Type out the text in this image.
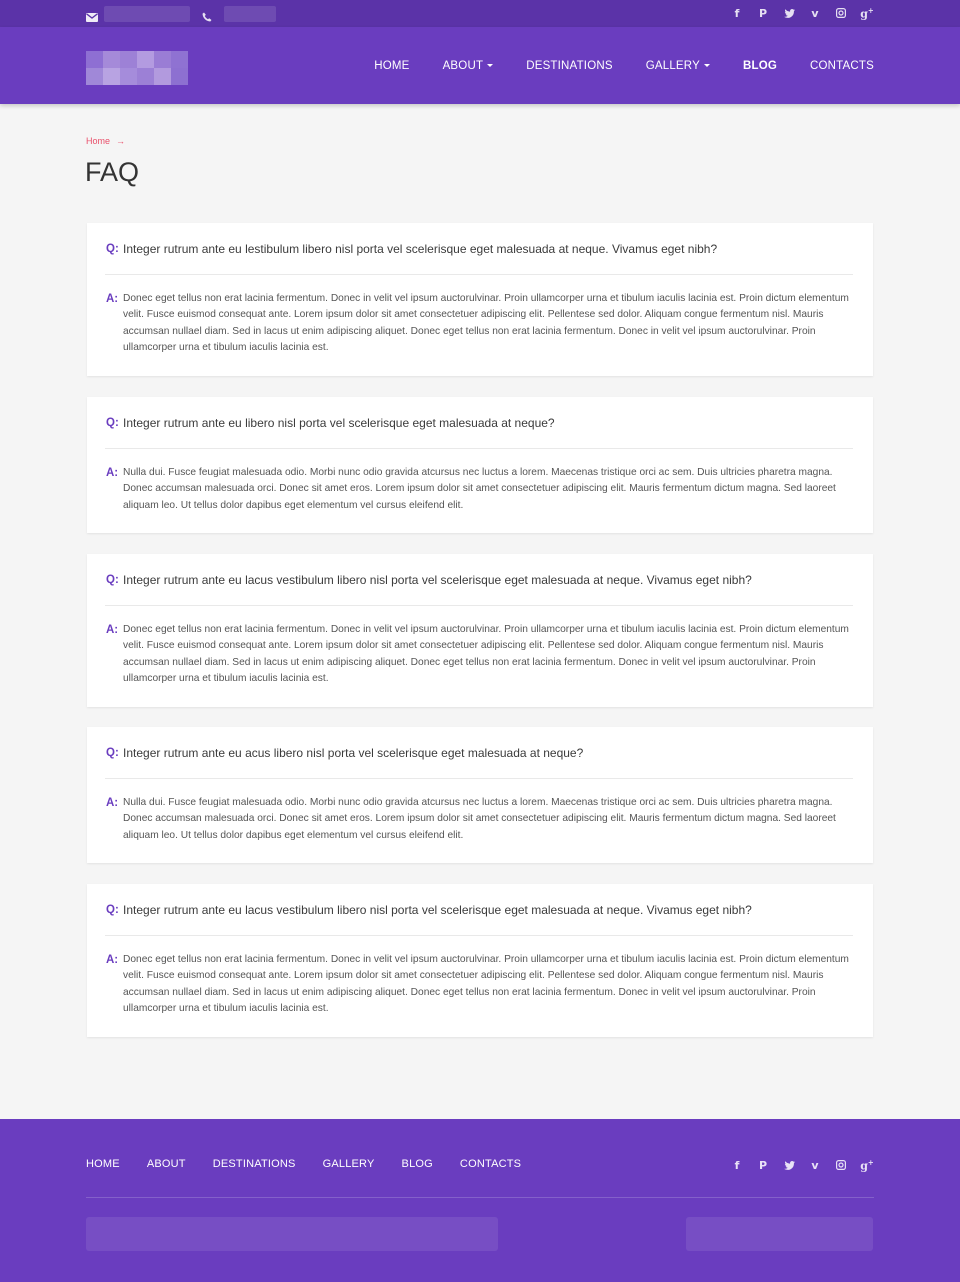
f	P	v	g+
HOME	ABOUT	DESTINATIONS	GALLERY	BLOG	CONTACTS
Home →
FAQ
Q: Integer rutrum ante eu lestibulum libero nisl porta vel scelerisque eget malesuada at neque. Vivamus eget nibh?
A: Donec eget tellus non erat lacinia fermentum. Donec in velit vel ipsum auctorulvinar. Proin ullamcorper urna et tibulum iaculis lacinia est. Proin dictum elementum velit. Fusce euismod consequat ante. Lorem ipsum dolor sit amet consectetuer adipiscing elit. Pellentese sed dolor. Aliquam congue fermentum nisl. Mauris accumsan nullael diam. Sed in lacus ut enim adipiscing aliquet. Donec eget tellus non erat lacinia fermentum. Donec in velit vel ipsum auctorulvinar. Proin ullamcorper urna et tibulum iaculis lacinia est.
Q: Integer rutrum ante eu libero nisl porta vel scelerisque eget malesuada at neque?
A: Nulla dui. Fusce feugiat malesuada odio. Morbi nunc odio gravida atcursus nec luctus a lorem. Maecenas tristique orci ac sem. Duis ultricies pharetra magna. Donec accumsan malesuada orci. Donec sit amet eros. Lorem ipsum dolor sit amet consectetuer adipiscing elit. Mauris fermentum dictum magna. Sed laoreet aliquam leo. Ut tellus dolor dapibus eget elementum vel cursus eleifend elit.
Q: Integer rutrum ante eu lacus vestibulum libero nisl porta vel scelerisque eget malesuada at neque. Vivamus eget nibh?
A: Donec eget tellus non erat lacinia fermentum. Donec in velit vel ipsum auctorulvinar. Proin ullamcorper urna et tibulum iaculis lacinia est. Proin dictum elementum velit. Fusce euismod consequat ante. Lorem ipsum dolor sit amet consectetuer adipiscing elit. Pellentese sed dolor. Aliquam congue fermentum nisl. Mauris accumsan nullael diam. Sed in lacus ut enim adipiscing aliquet. Donec eget tellus non erat lacinia fermentum. Donec in velit vel ipsum auctorulvinar. Proin ullamcorper urna et tibulum iaculis lacinia est.
Q: Integer rutrum ante eu acus libero nisl porta vel scelerisque eget malesuada at neque?
A: Nulla dui. Fusce feugiat malesuada odio. Morbi nunc odio gravida atcursus nec luctus a lorem. Maecenas tristique orci ac sem. Duis ultricies pharetra magna. Donec accumsan malesuada orci. Donec sit amet eros. Lorem ipsum dolor sit amet consectetuer adipiscing elit. Mauris fermentum dictum magna. Sed laoreet aliquam leo. Ut tellus dolor dapibus eget elementum vel cursus eleifend elit.
Q: Integer rutrum ante eu lacus vestibulum libero nisl porta vel scelerisque eget malesuada at neque. Vivamus eget nibh?
A: Donec eget tellus non erat lacinia fermentum. Donec in velit vel ipsum auctorulvinar. Proin ullamcorper urna et tibulum iaculis lacinia est. Proin dictum elementum velit. Fusce euismod consequat ante. Lorem ipsum dolor sit amet consectetuer adipiscing elit. Pellentese sed dolor. Aliquam congue fermentum nisl. Mauris accumsan nullael diam. Sed in lacus ut enim adipiscing aliquet. Donec eget tellus non erat lacinia fermentum. Donec in velit vel ipsum auctorulvinar. Proin ullamcorper urna et tibulum iaculis lacinia est.
HOME ABOUT DESTINATIONS GALLERY BLOG CONTACTS	f	P	v	g+
